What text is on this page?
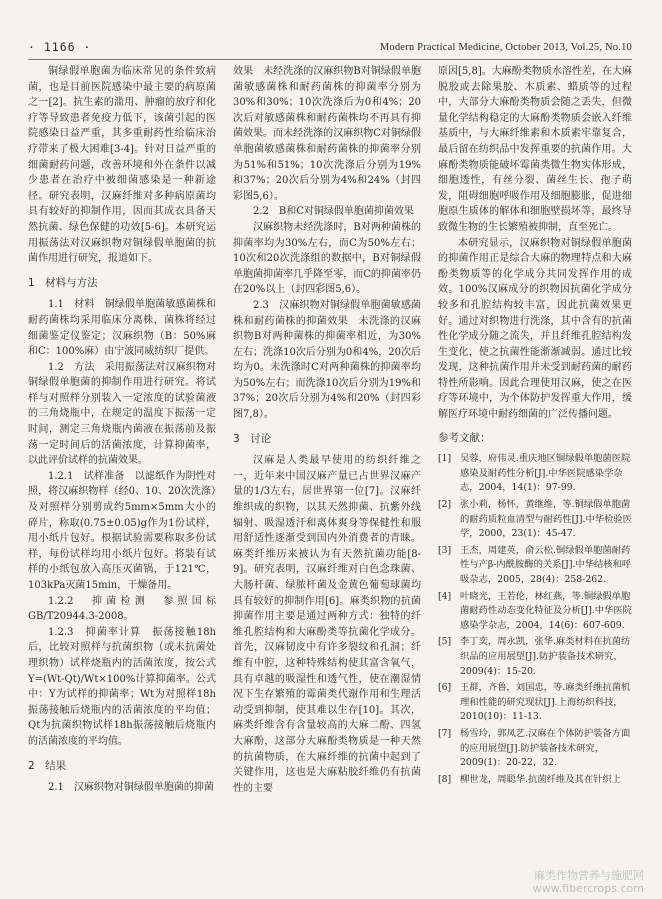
· 1166 ·	Modern Practical Medicine, October 2013, Vol.25, No.10

铜绿假单胞菌为临床常见的条件致病菌，也是目前医院感染中最主要的病原菌之一[2]。抗生素的滥用、肿瘤的放疗和化疗等导致患者免疫力低下，该菌引起的医院感染日益严重，其多重耐药性给临床治疗带来了极大困难[3-4]。针对日益严重的细菌耐药问题，改善环境和外在条件以减少患者在治疗中被细菌感染是一种新途径。研究表明，汉麻纤维对多种病原菌均具有较好的抑制作用，因而其成衣具备天然抗菌、绿色保健的功效[5-6]。本研究运用振荡法对汉麻织物对铜绿假单胞菌的抗菌作用进行研究，报道如下。

1　材料与方法

1.1　材料　铜绿假单胞菌敏感菌株和耐药菌株均采用临床分离株，菌株将经过细菌鉴定仪鉴定；汉麻织物（B：50%麻和C：100%麻）由宁波同威纺织厂提供。

1.2　方法　采用振荡法对汉麻织物对铜绿假单胞菌的抑制作用进行研究。将试样与对照样分别装入一定浓度的试验菌液的三角烧瓶中，在规定的温度下振荡一定时间，测定三角烧瓶内菌液在振荡前及振荡一定时间后的活菌浓度，计算抑菌率，以此评价试样的抗菌效果。

1.2.1　试样准备　以滤纸作为阴性对照，将汉麻织物样（经0、10、20次洗涤）及对照样分别剪成约5mm×5mm大小的碎片，称取(0.75±0.05)g作为1份试样，用小纸片包好。根据试验需要称取多份试样，每份试样均用小纸片包好。将装有试样的小纸包放入高压灭菌锅，于121℃，103kPa灭菌15min，干燥备用。

1.2.2　抑菌检测　参照国标GB/T20944.3-2008。

1.2.3　抑菌率计算　振荡接触18h后，比较对照样与抗菌织物（或未抗菌处理织物）试样烧瓶内的活菌浓度，按公式Y=(Wt-Qt)/Wt×100%计算抑菌率。公式中：Y为试样的抑菌率；Wt为对照样18h振荡接触后烧瓶内的活菌浓度的平均值；Qt为抗菌织物试样18h振荡接触后烧瓶内的活菌浓度的平均值。

2　结果

2.1　汉麻织物对铜绿假单胞菌的抑菌

效果　未经洗涤的汉麻织物B对铜绿假单胞菌敏感菌株和耐药菌株的抑菌率分别为30%和30%；10次洗涤后为0和4%；20次后对敏感菌株和耐药菌株均不再具有抑菌效果。而未经洗涤的汉麻织物C对铜绿假单胞菌敏感菌株和耐药菌株的抑菌率分别为51%和51%；10次洗涤后分别为19%和37%；20次后分别为4%和24%（封四彩图5,6）。

2.2　B和C对铜绿假单胞菌抑菌效果

汉麻织物未经洗涤时，B对两种菌株的抑菌率均为30%左右，而C为50%左右；10次和20次洗涤组的数据中，B对铜绿假单胞菌抑菌率几乎降至零，而C的抑菌率仍在20%以上（封四彩图5,6）。

2.3　汉麻织物对铜绿假单胞菌敏感菌株和耐药菌株的抑菌效果　未洗涤的汉麻织物B对两种菌株的抑菌率相近，为30%左右；洗涤10次后分别为0和4%，20次后均为0。未洗涤时C对两种菌株的抑菌率均为50%左右；而洗涤10次后分别为19%和37%；20次后分别为4%和20%（封四彩图7,8）。

3　讨论

汉麻是人类最早使用的纺织纤维之一，近年来中国汉麻产量已占世界汉麻产量的1/3左右，居世界第一位[7]。汉麻纤维织成的织物，以其天然抑菌、抗紫外线辐射、吸湿透汗和离体爽身等保健性和服用舒适性逐渐受到国内外消费者的青睐。麻类纤维历来被认为有天然抗菌功能[8-9]。研究表明，汉麻纤维对白色念珠菌、大肠杆菌、绿脓杆菌及金黄色葡萄球菌均具有较好的抑制作用[6]。麻类织物的抗菌抑菌作用主要是通过两种方式：独特的纤维孔腔结构和大麻酚类等抗菌化学成分。首先，汉麻韧皮中有许多裂纹和孔洞；纤维有中腔，这种特殊结构使其富含氧气，具有卓越的吸湿性和透气性，使在潮湿情况下生存繁殖的霉菌类代谢作用和生理活动受到抑制，使其难以生存[10]。其次，麻类纤维含有含量较高的大麻二酚、四氢大麻酚，这部分大麻酚类物质是一种天然的抗菌物质，在大麻纤维的抗菌中起到了关键作用，这也是大麻粘胶纤维仍有抗菌性的主要

原因[5,8]。大麻酚类物质水溶性差，在大麻脱胶或去除果胶、木质素、蜡质等的过程中，大部分大麻酚类物质会随之丢失，但微量化学结构稳定的大麻酚类物质会嵌入纤维基质中，与大麻纤维素和木质素牢靠复合，最后留在纺织品中发挥重要的抗菌作用。大麻酚类物质能破坏霉菌类微生物实体形成，细胞透性，有丝分裂、菌丝生长、孢子萌发，阻碍细胞呼吸作用及细胞膨胀，促进细胞原生质体的解体和细胞壁损坏等，最终导致微生物的生长繁殖被抑制，直至死亡。

本研究显示，汉麻织物对铜绿假单胞菌的抑菌作用正是综合大麻的物理特点和大麻酚类物质等的化学成分共同发挥作用的成效。100%汉麻成分的织物因抗菌化学成分较多和孔腔结构较丰富，因此抗菌效果更好。通过对织物进行洗涤，其中含有的抗菌性化学成分随之流失，并且纤维孔腔结构发生变化，使之抗菌性能渐渐减弱。通过比较发现，这种抗菌作用并未受到耐药菌的耐药特性所影响。因此合理使用汉麻，使之在医疗等环境中，为个体防护发挥重大作用，缓解医疗环境中耐药细菌的广泛传播问题。

参考文献：
[1] 吴蓉，府伟灵.重庆地区铜绿假单胞菌医院感染及耐药性分析[J].中华医院感染学杂志，2004，14(1)：97-99.
[2] 张小莉，杨怀，黄继维，等.铜绿假单胞菌的耐药质粒血清型与耐药性[J].中华检验医学，2000，23(1)：45-47.
[3] 王杰，周建英，俞云松.铜绿假单胞菌耐药性与产β-内酰胺酶的关系[J].中华结核和呼吸杂志，2005，28(4)：258-262.
[4] 叶晓光，王若伦，林红燕，等.铜绿假单胞菌耐药性动态变化特征及分析[J].中华医院感染学杂志，2004，14(6)：607-609.
[5] 李丁奕，周永凯，张华.麻类材料在抗菌纺织品的应用展望[J].防护装备技术研究，2009(4)：15-20.
[6] 王群，齐鲁，刘国忠，等.麻类纤维抗菌机理和性能的研究现状[J].上海纺织科技，2010(10)：11-13.
[7] 杨雪玲，郭凤艺.汉麻在个体防护装备方面的应用展望[J].防护装备技术研究，2009(1)：20-22，32.
[8] 柳世龙，周聪华.抗菌纤维及其在针织上
麻类作物营养与施肥网
www.fibercrops.com
